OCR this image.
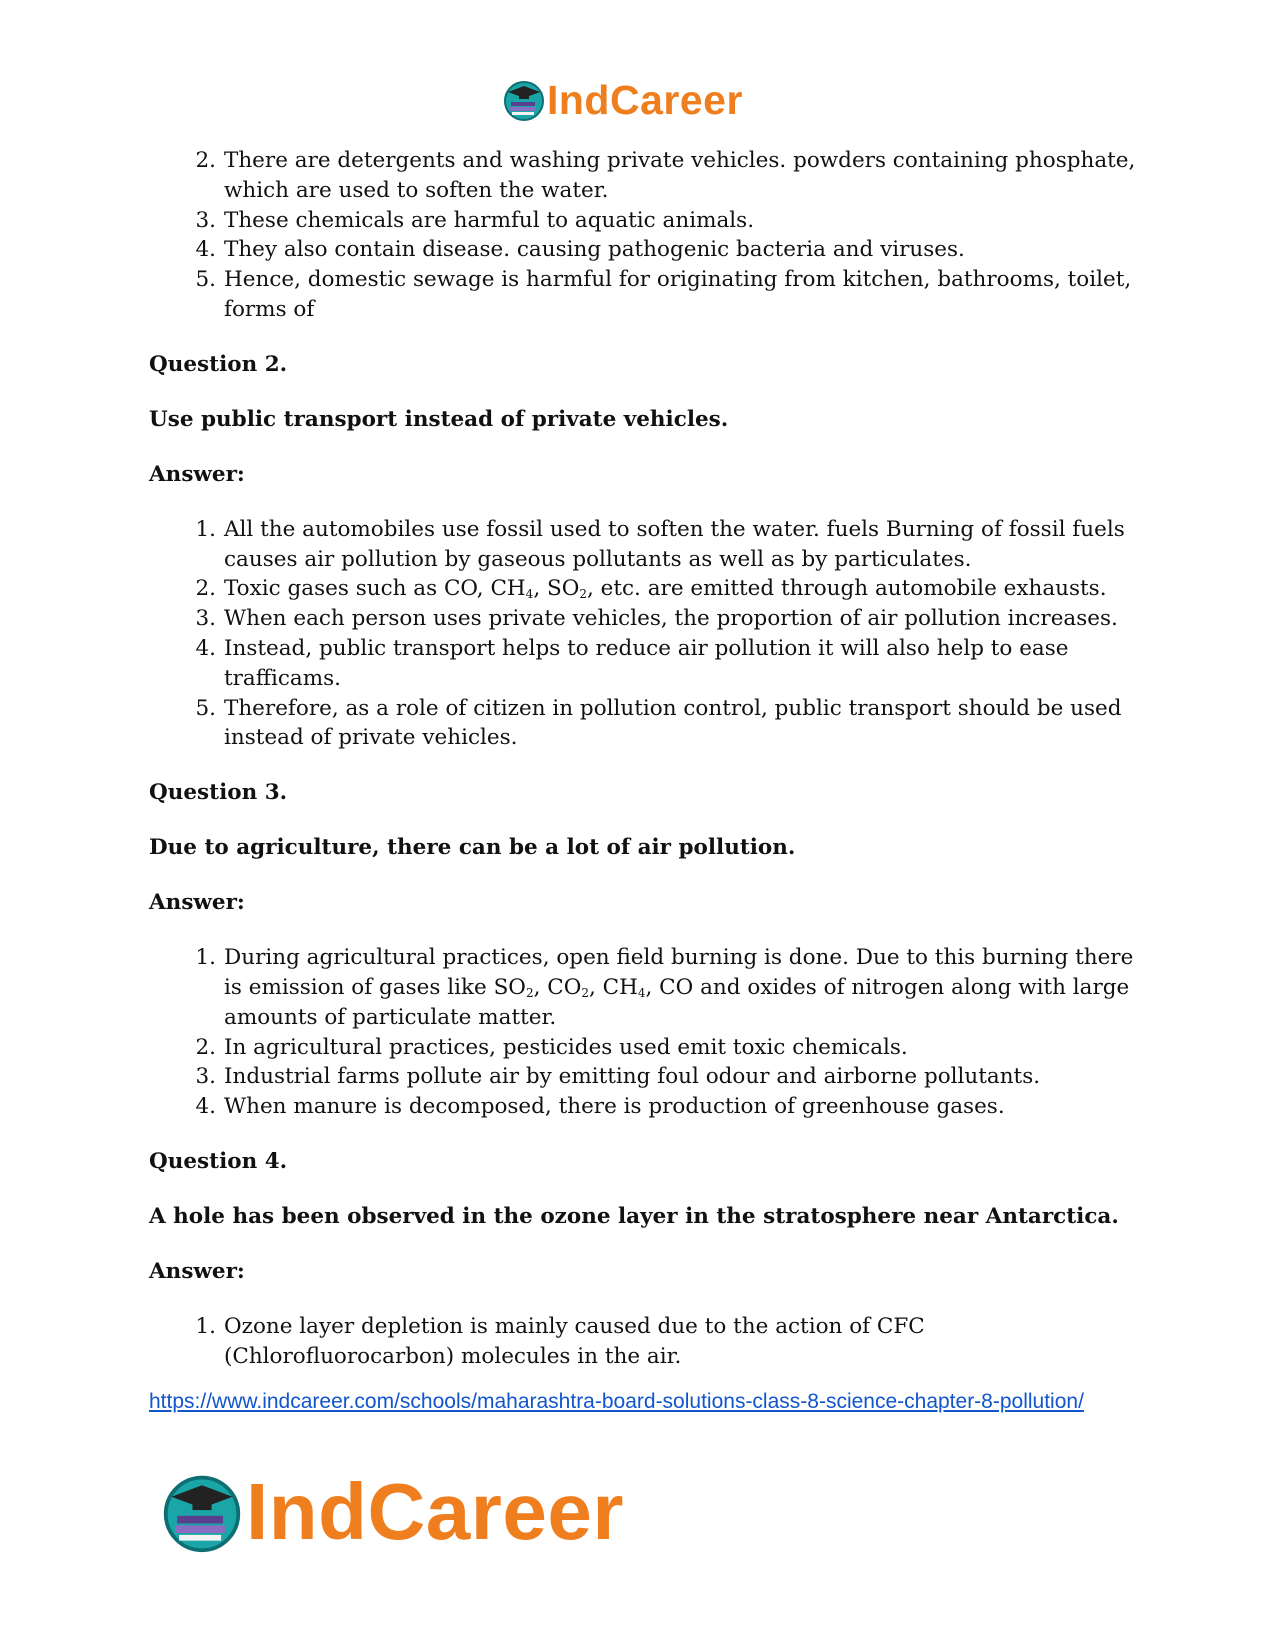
IndCareer
2. There are detergents and washing private vehicles. powders containing phosphate, which are used to soften the water.
3. These chemicals are harmful to aquatic animals.
4. They also contain disease. causing pathogenic bacteria and viruses.
5. Hence, domestic sewage is harmful for originating from kitchen, bathrooms, toilet, forms of

Question 2.

Use public transport instead of private vehicles.

Answer:

1. All the automobiles use fossil used to soften the water. fuels Burning of fossil fuels causes air pollution by gaseous pollutants as well as by particulates.
2. Toxic gases such as CO, $CH_4$, $SO_2$, etc. are emitted through automobile exhausts.
3. When each person uses private vehicles, the proportion of air pollution increases.
4. Instead, public transport helps to reduce air pollution it will also help to ease trafficams.
5. Therefore, as a role of citizen in pollution control, public transport should be used instead of private vehicles.

Question 3.

Due to agriculture, there can be a lot of air pollution.

Answer:

1. During agricultural practices, open field burning is done. Due to this burning there is emission of gases like $SO_2$, $CO_2$, $CH_4$, CO and oxides of nitrogen along with large amounts of particulate matter.
2. In agricultural practices, pesticides used emit toxic chemicals.
3. Industrial farms pollute air by emitting foul odour and airborne pollutants.
4. When manure is decomposed, there is production of greenhouse gases.

Question 4.

A hole has been observed in the ozone layer in the stratosphere near Antarctica.

Answer:

1. Ozone layer depletion is mainly caused due to the action of CFC (Chlorofluorocarbon) molecules in the air.
https://www.indcareer.com/schools/maharashtra-board-solutions-class-8-science-chapter-8-pollution/
IndCareer
